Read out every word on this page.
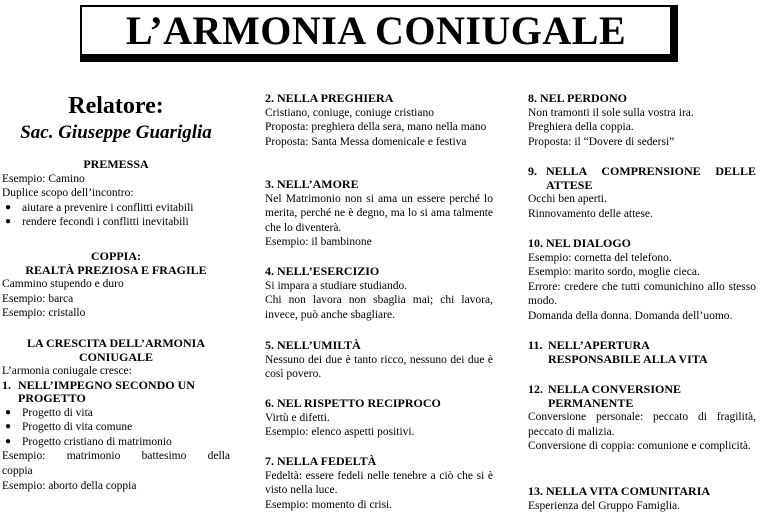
L’ARMONIA CONIUGALE
Relatore:
Sac. Giuseppe Guariglia

PREMESSA

Esempio: Camino

Duplice scopo dell’incontro:

● aiutare a prevenire i conflitti evitabili
● rendere fecondi i conflitti inevitabili

COPPIA:

REALTÀ PREZIOSA E FRAGILE

Cammino stupendo e duro

Esempio: barca

Esempio: cristallo

LA CRESCITA DELL’ARMONIA

CONIUGALE

L’armonia coniugale cresce:

1. NELL’IMPEGNO SECONDO UN
PROGETTO
● Progetto di vita
● Progetto di vita comune
● Progetto cristiano di matrimonio

Esempio: matrimonio battesimo della

coppia

Esempio: aborto della coppia

2. NELLA PREGHIERA

Cristiano, coniuge, coniuge cristiano

Proposta: preghiera della sera, mano nella mano

Proposta: Santa Messa domenicale e festiva

3. NELL’AMORE

Nel Matrimonio non si ama un essere perché lo merita, perché ne è degno, ma lo si ama talmente che lo diventerà.

Esempio: il bambinone

4. NELL’ESERCIZIO

Si impara a studiare studiando.

Chi non lavora non sbaglia mai; chi lavora, invece, può anche sbagliare.

5. NELL’UMILTÀ

Nessuno dei due è tanto ricco, nessuno dei due è così povero.

6. NEL RISPETTO RECIPROCO

Virtù e difetti.

Esempio: elenco aspetti positivi.

7. NELLA FEDELTÀ

Fedeltà: essere fedeli nelle tenebre a ciò che si è visto nella luce.

Esempio: momento di crisi.

8. NEL PERDONO

Non tramonti il sole sulla vostra ira.

Preghiera della coppia.

Proposta: il “Dovere di sedersi”

9. NELLA COMPRENSIONE DELLE
ATTESE

Occhi ben aperti.

Rinnovamento delle attese.

10. NEL DIALOGO

Esempio: cornetta del telefono.

Esempio: marito sordo, moglie cieca.

Errore: credere che tutti comunichino allo stesso modo.

Domanda della donna. Domanda dell’uomo.

11. NELL’APERTURA
RESPONSABILE ALLA VITA
12. NELLA CONVERSIONE
PERMANENTE

Conversione personale: peccato di fragilità, peccato di malizia.

Conversione di coppia: comunione e complicità.

13. NELLA VITA COMUNITARIA

Esperienza del Gruppo Famiglia.
